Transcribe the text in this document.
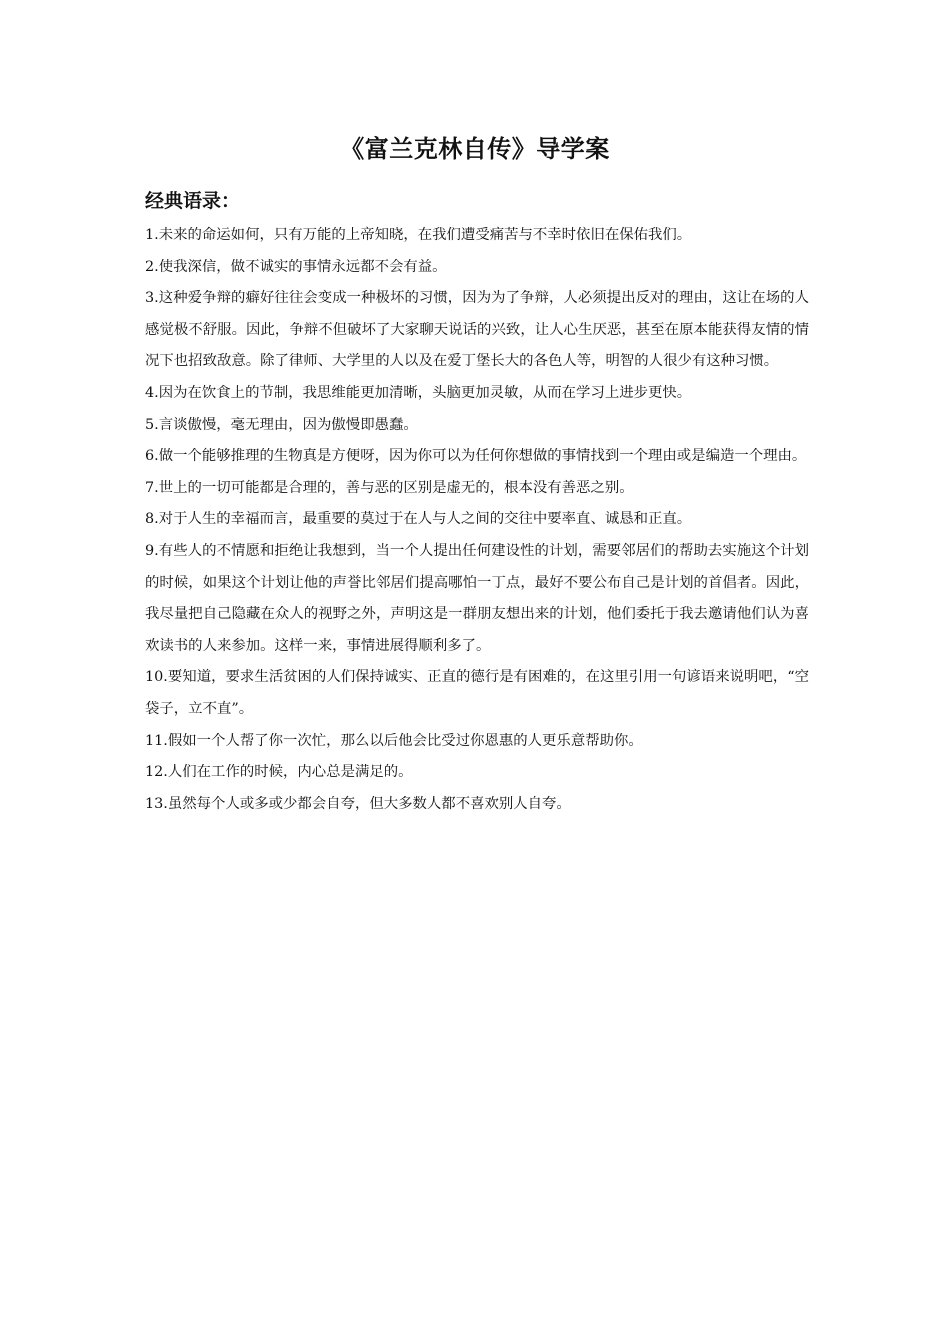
《富兰克林自传》导学案
经典语录：
1.未来的命运如何，只有万能的上帝知晓，在我们遭受痛苦与不幸时依旧在保佑我们。
2.使我深信，做不诚实的事情永远都不会有益。
3.这种爱争辩的癖好往往会变成一种极坏的习惯，因为为了争辩，人必须提出反对的理由，这让在场的人感觉极不舒服。因此，争辩不但破坏了大家聊天说话的兴致，让人心生厌恶，甚至在原本能获得友情的情况下也招致敌意。除了律师、大学里的人以及在爱丁堡长大的各色人等，明智的人很少有这种习惯。
4.因为在饮食上的节制，我思维能更加清晰，头脑更加灵敏，从而在学习上进步更快。
5.言谈傲慢，毫无理由，因为傲慢即愚蠢。
6.做一个能够推理的生物真是方便呀，因为你可以为任何你想做的事情找到一个理由或是编造一个理由。
7.世上的一切可能都是合理的，善与恶的区别是虚无的，根本没有善恶之别。
8.对于人生的幸福而言，最重要的莫过于在人与人之间的交往中要率直、诚恳和正直。
9.有些人的不情愿和拒绝让我想到，当一个人提出任何建设性的计划，需要邻居们的帮助去实施这个计划的时候，如果这个计划让他的声誉比邻居们提高哪怕一丁点，最好不要公布自己是计划的首倡者。因此，我尽量把自己隐藏在众人的视野之外，声明这是一群朋友想出来的计划，他们委托于我去邀请他们认为喜欢读书的人来参加。这样一来，事情进展得顺利多了。
10.要知道，要求生活贫困的人们保持诚实、正直的德行是有困难的，在这里引用一句谚语来说明吧，“空袋子，立不直”。
11.假如一个人帮了你一次忙，那么以后他会比受过你恩惠的人更乐意帮助你。
12.人们在工作的时候，内心总是满足的。
13.虽然每个人或多或少都会自夸，但大多数人都不喜欢别人自夸。
